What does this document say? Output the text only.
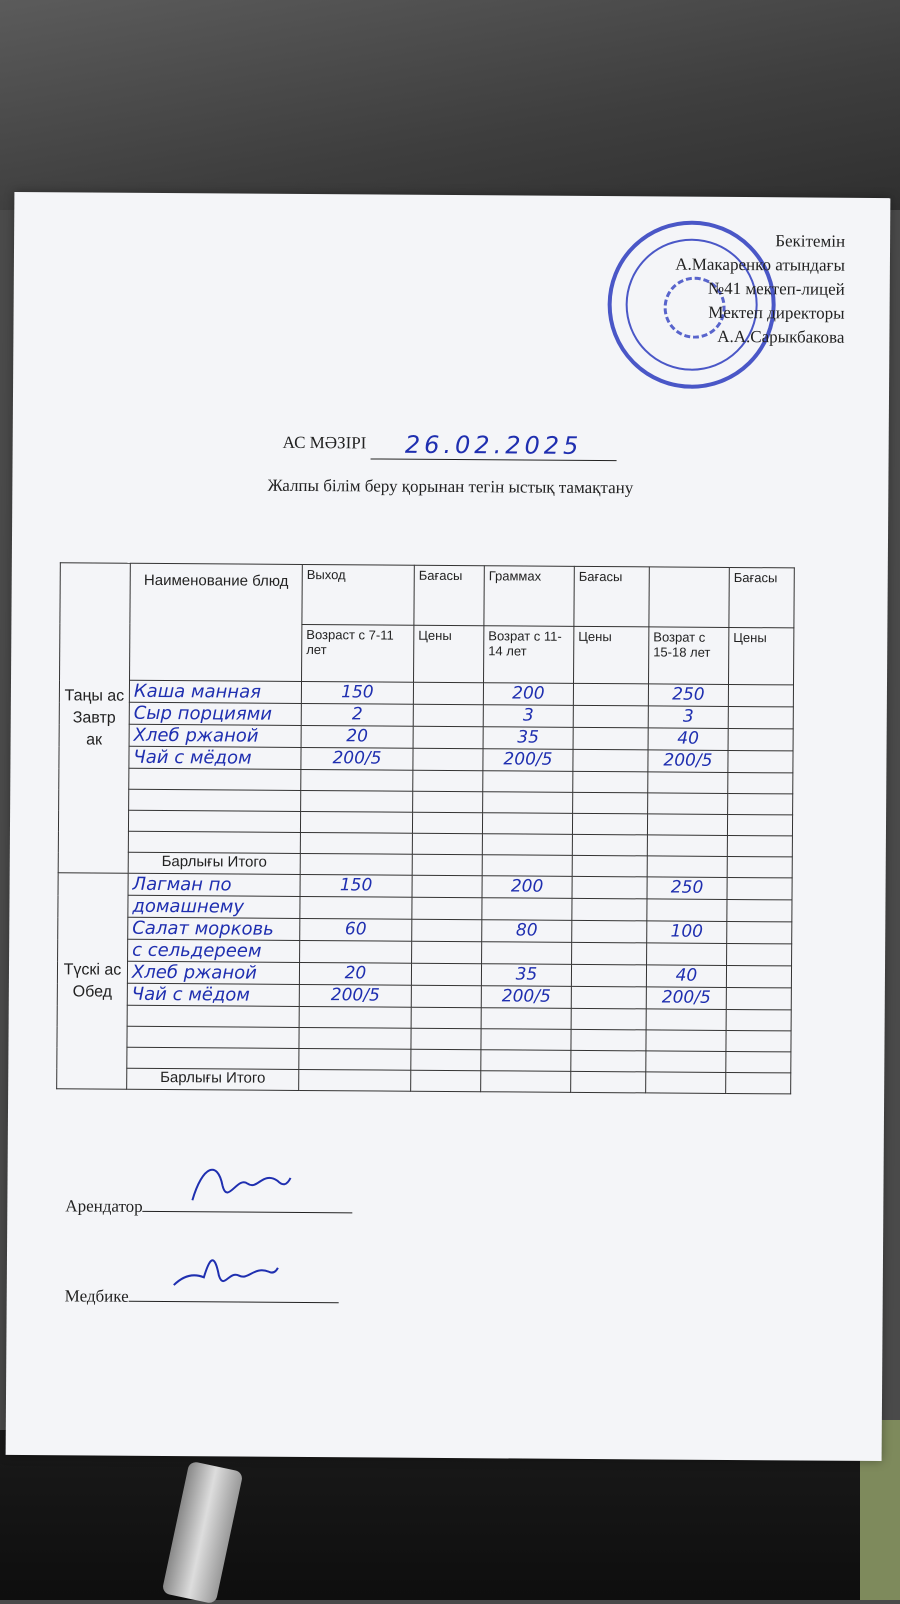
Бекітемін
А.Макаренко атындағы
№41 мектеп-лицей
Мектеп директоры
А.А.Сарыкбакова
АС МӘЗІРІ 26.02.2025
Жалпы білім беру қорынан тегін ыстық тамақтану
Таңы ас Завтр ак	Наименование блюд	Выход	Бағасы	Граммах	Бағасы		Бағасы
		Возраст с 7-11 лет	Цены	Возрат с 11-14 лет	Цены	Возрат с 15-18 лет	Цены
	Каша манная	150		200		250	
	Сыр порциями	2		3		3	
	Хлеб ржаной	20		35		40	
	Чай с мёдом	200/5		200/5		200/5	

	Барлығы Итого						
Түскі ас Обед	Лагман по	150		200		250	
	домашнему						
	Салат морковь	60		80		100	
	с сельдереем						
	Хлеб ржаной	20		35		40	
	Чай с мёдом	200/5		200/5		200/5	

	Барлығы Итого						
Арендатор
Медбике
